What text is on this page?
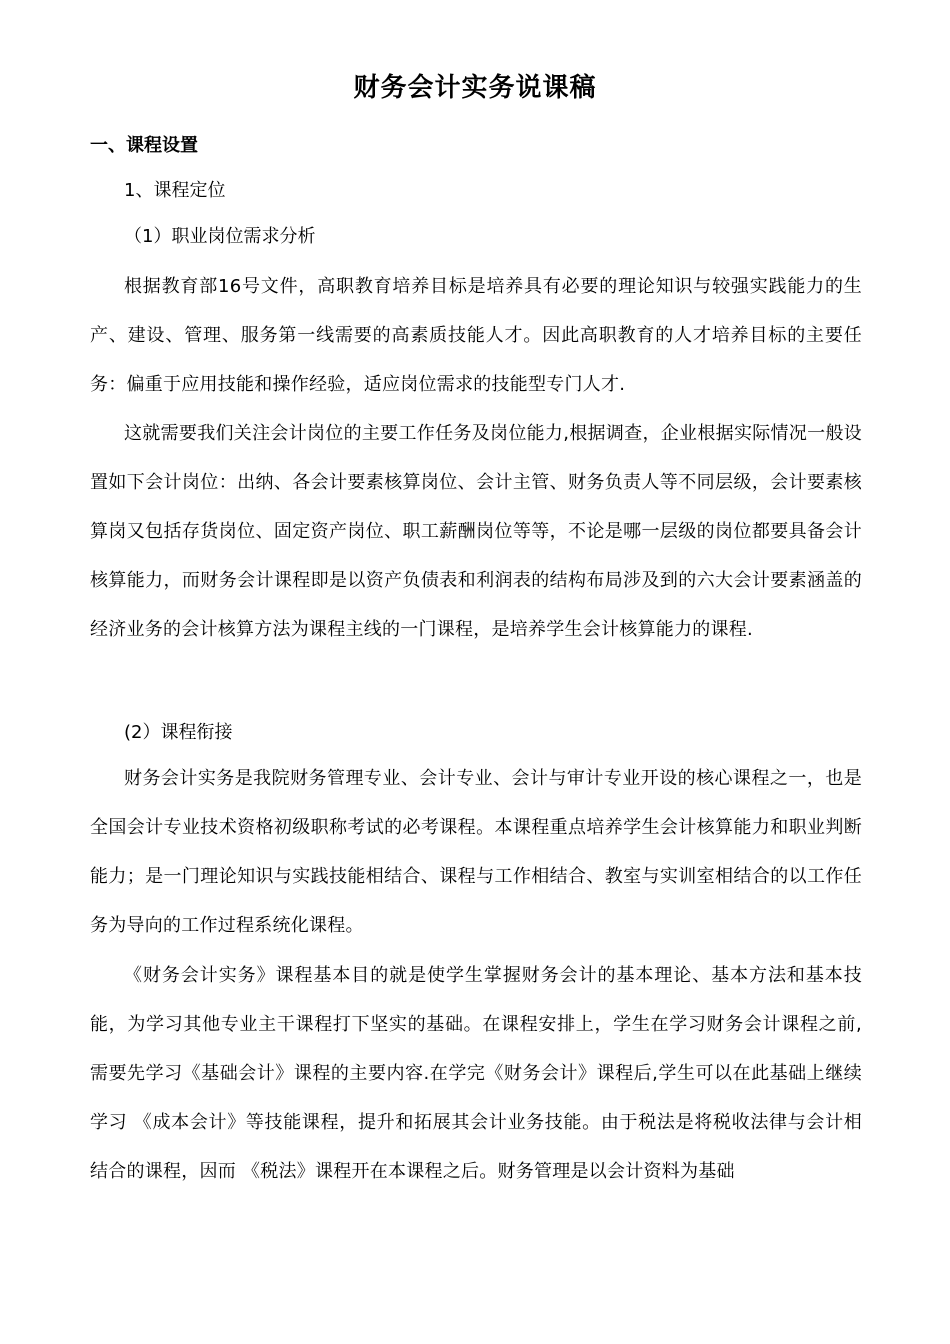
财务会计实务说课稿
一、课程设置
1、课程定位
（1）职业岗位需求分析
根据教育部16号文件，高职教育培养目标是培养具有必要的理论知识与较强实践能力的生产、建设、管理、服务第一线需要的高素质技能人才。因此高职教育的人才培养目标的主要任务：偏重于应用技能和操作经验，适应岗位需求的技能型专门人才.
这就需要我们关注会计岗位的主要工作任务及岗位能力,根据调查，企业根据实际情况一般设置如下会计岗位：出纳、各会计要素核算岗位、会计主管、财务负责人等不同层级，会计要素核算岗又包括存货岗位、固定资产岗位、职工薪酬岗位等等，不论是哪一层级的岗位都要具备会计核算能力，而财务会计课程即是以资产负债表和利润表的结构布局涉及到的六大会计要素涵盖的经济业务的会计核算方法为课程主线的一门课程，是培养学生会计核算能力的课程.
(2）课程衔接
财务会计实务是我院财务管理专业、会计专业、会计与审计专业开设的核心课程之一，也是全国会计专业技术资格初级职称考试的必考课程。本课程重点培养学生会计核算能力和职业判断能力；是一门理论知识与实践技能相结合、课程与工作相结合、教室与实训室相结合的以工作任务为导向的工作过程系统化课程。
《财务会计实务》课程基本目的就是使学生掌握财务会计的基本理论、基本方法和基本技能，为学习其他专业主干课程打下坚实的基础。在课程安排上，学生在学习财务会计课程之前,需要先学习《基础会计》课程的主要内容.在学完《财务会计》课程后,学生可以在此基础上继续学习 《成本会计》等技能课程，提升和拓展其会计业务技能。由于税法是将税收法律与会计相结合的课程，因而 《税法》课程开在本课程之后。财务管理是以会计资料为基础
